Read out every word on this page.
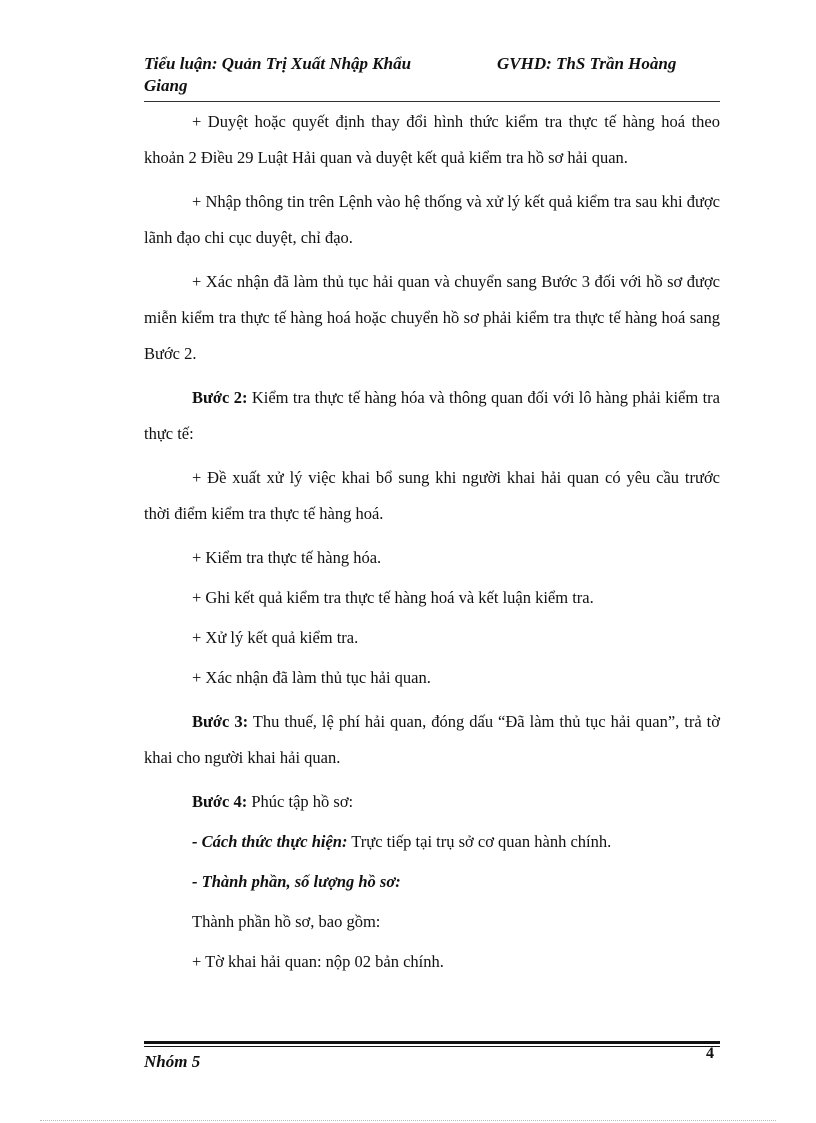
Tiểu luận: Quản Trị Xuất Nhập Khẩu
Giang
GVHD: ThS Trần Hoàng

+ Duyệt hoặc quyết định thay đổi hình thức kiểm tra thực tế hàng hoá theo khoản 2 Điều 29 Luật Hải quan và duyệt kết quả kiểm tra hồ sơ hải quan.

+ Nhập thông tin trên Lệnh vào hệ thống và xử lý kết quả kiểm tra sau khi được lãnh đạo chi cục duyệt, chỉ đạo.

+ Xác nhận đã làm thủ tục hải quan và chuyển sang Bước 3 đối với hồ sơ được miễn kiểm tra thực tế hàng hoá hoặc chuyển hồ sơ phải kiểm tra thực tế hàng hoá sang Bước 2.

Bước 2: Kiểm tra thực tế hàng hóa và thông quan đối với lô hàng phải kiểm tra thực tế:

+ Đề xuất xử lý việc khai bổ sung khi người khai hải quan có yêu cầu trước thời điểm kiểm tra thực tế hàng hoá.

+ Kiểm tra thực tế hàng hóa.

+ Ghi kết quả kiểm tra thực tế hàng hoá và kết luận kiểm tra.

+ Xử lý kết quả kiểm tra.

+ Xác nhận đã làm thủ tục hải quan.

Bước 3: Thu thuế, lệ phí hải quan, đóng dấu “Đã làm thủ tục hải quan”, trả tờ khai cho người khai hải quan.

Bước 4: Phúc tập hồ sơ:

- Cách thức thực hiện: Trực tiếp tại trụ sở cơ quan hành chính.

- Thành phần, số lượng hồ sơ:

Thành phần hồ sơ, bao gồm:

+ Tờ khai hải quan: nộp 02 bản chính.

Nhóm 5	4
